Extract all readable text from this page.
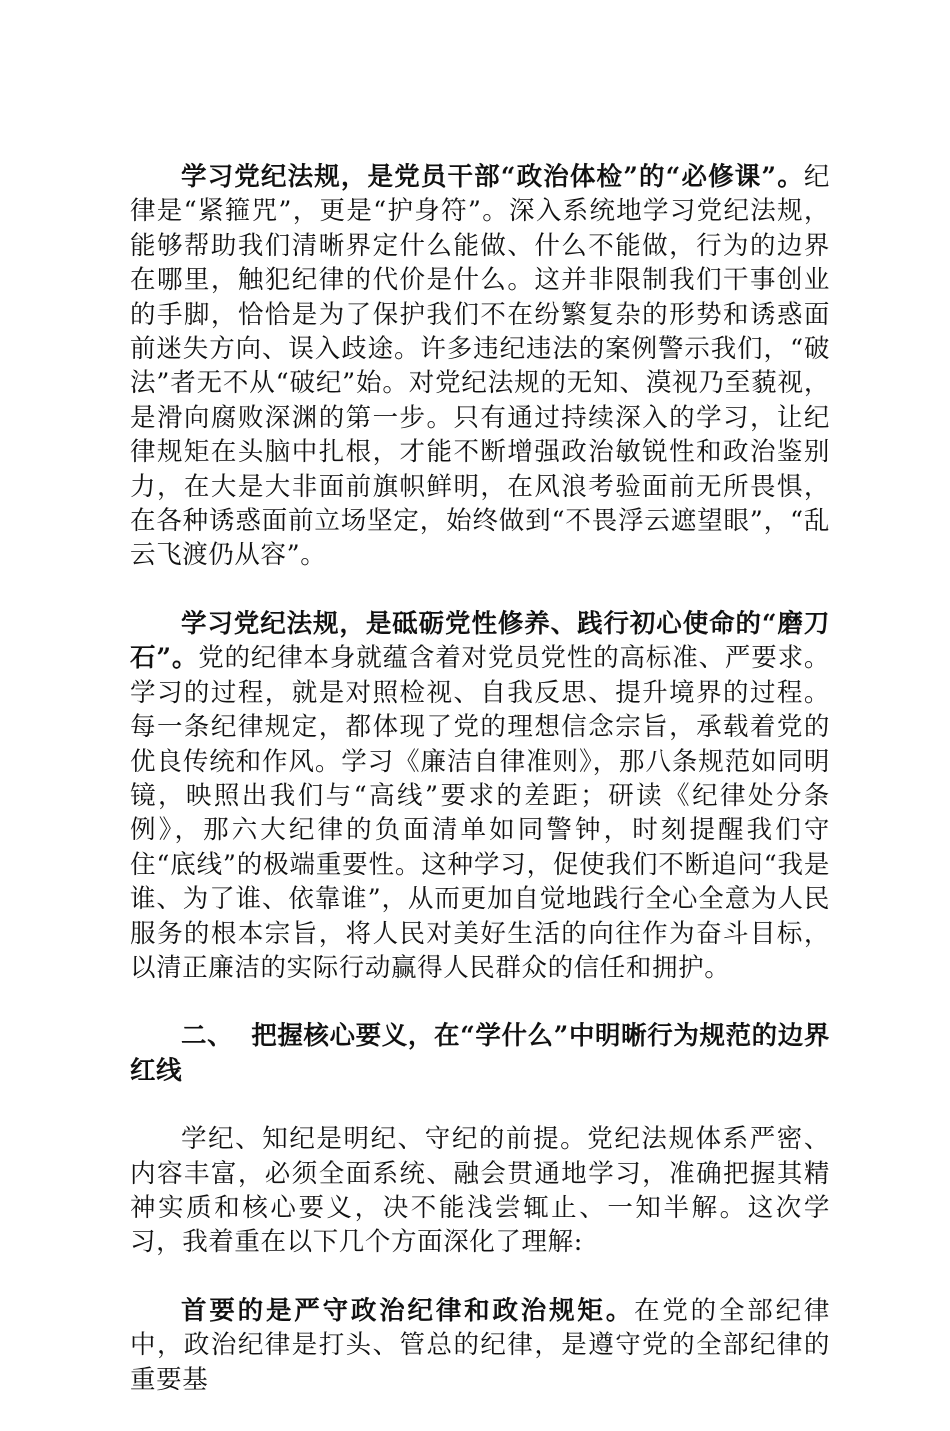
学习党纪法规，是党员干部“政治体检”的“必修课”。纪律是“紧箍咒”，更是“护身符”。深入系统地学习党纪法规，能够帮助我们清晰界定什么能做、什么不能做，行为的边界在哪里，触犯纪律的代价是什么。这并非限制我们干事创业的手脚，恰恰是为了保护我们不在纷繁复杂的形势和诱惑面前迷失方向、误入歧途。许多违纪违法的案例警示我们，“破法”者无不从“破纪”始。对党纪法规的无知、漠视乃至藐视，是滑向腐败深渊的第一步。只有通过持续深入的学习，让纪律规矩在头脑中扎根，才能不断增强政治敏锐性和政治鉴别力，在大是大非面前旗帜鲜明，在风浪考验面前无所畏惧，在各种诱惑面前立场坚定，始终做到“不畏浮云遮望眼”，“乱云飞渡仍从容”。

学习党纪法规，是砥砺党性修养、践行初心使命的“磨刀石”。党的纪律本身就蕴含着对党员党性的高标准、严要求。学习的过程，就是对照检视、自我反思、提升境界的过程。每一条纪律规定，都体现了党的理想信念宗旨，承载着党的优良传统和作风。学习《廉洁自律准则》，那八条规范如同明镜，映照出我们与“高线”要求的差距；研读《纪律处分条例》，那六大纪律的负面清单如同警钟，时刻提醒我们守住“底线”的极端重要性。这种学习，促使我们不断追问“我是谁、为了谁、依靠谁”，从而更加自觉地践行全心全意为人民服务的根本宗旨，将人民对美好生活的向往作为奋斗目标，以清正廉洁的实际行动赢得人民群众的信任和拥护。

二、 把握核心要义，在“学什么”中明晰行为规范的边界红线

学纪、知纪是明纪、守纪的前提。党纪法规体系严密、内容丰富，必须全面系统、融会贯通地学习，准确把握其精神实质和核心要义，决不能浅尝辄止、一知半解。这次学习，我着重在以下几个方面深化了理解:

首要的是严守政治纪律和政治规矩。在党的全部纪律中，政治纪律是打头、管总的纪律，是遵守党的全部纪律的重要基
